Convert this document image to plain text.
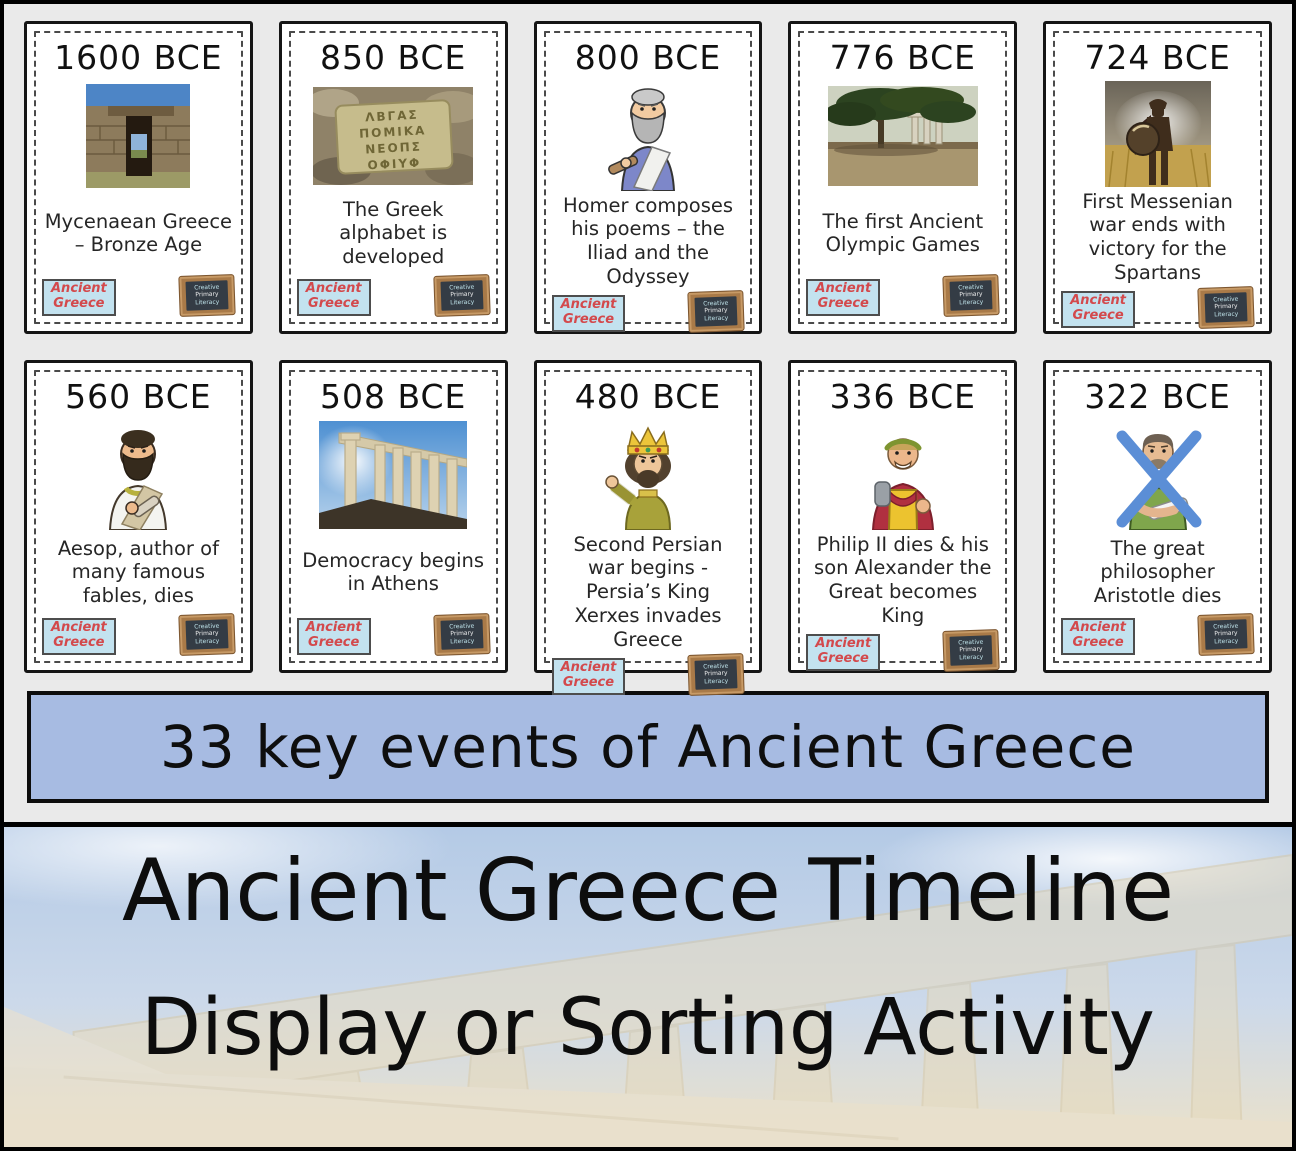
1600 BCE
Mycenaean Greece – Bronze Age
Ancient
Greece
Creative
Primary
Literacy
850 BCE
ΛΒΓΑΣ
ΠΟΜΙΚΑ
ΝΕΟΠΣ
ΟΦΙΥΦ
The Greek alphabet is developed
Ancient
Greece
Creative
Primary
Literacy
800 BCE
Homer composes his poems – the Iliad and the Odyssey
Ancient
Greece
Creative
Primary
Literacy
776 BCE
The first Ancient Olympic Games
Ancient
Greece
Creative
Primary
Literacy
724 BCE
First Messenian war ends with victory for the Spartans
Ancient
Greece
Creative
Primary
Literacy
560 BCE
Aesop, author of many famous fables, dies
Ancient
Greece
Creative
Primary
Literacy
508 BCE
Democracy begins in Athens
Ancient
Greece
Creative
Primary
Literacy
480 BCE
Second Persian war begins - Persia’s King Xerxes invades Greece
Ancient
Greece
Creative
Primary
Literacy
336 BCE
Philip II dies & his son Alexander the Great becomes King
Ancient
Greece
Creative
Primary
Literacy
322 BCE
The great philosopher Aristotle dies
Ancient
Greece
Creative
Primary
Literacy
33 key events of Ancient Greece
Ancient Greece Timeline
Display or Sorting Activity
